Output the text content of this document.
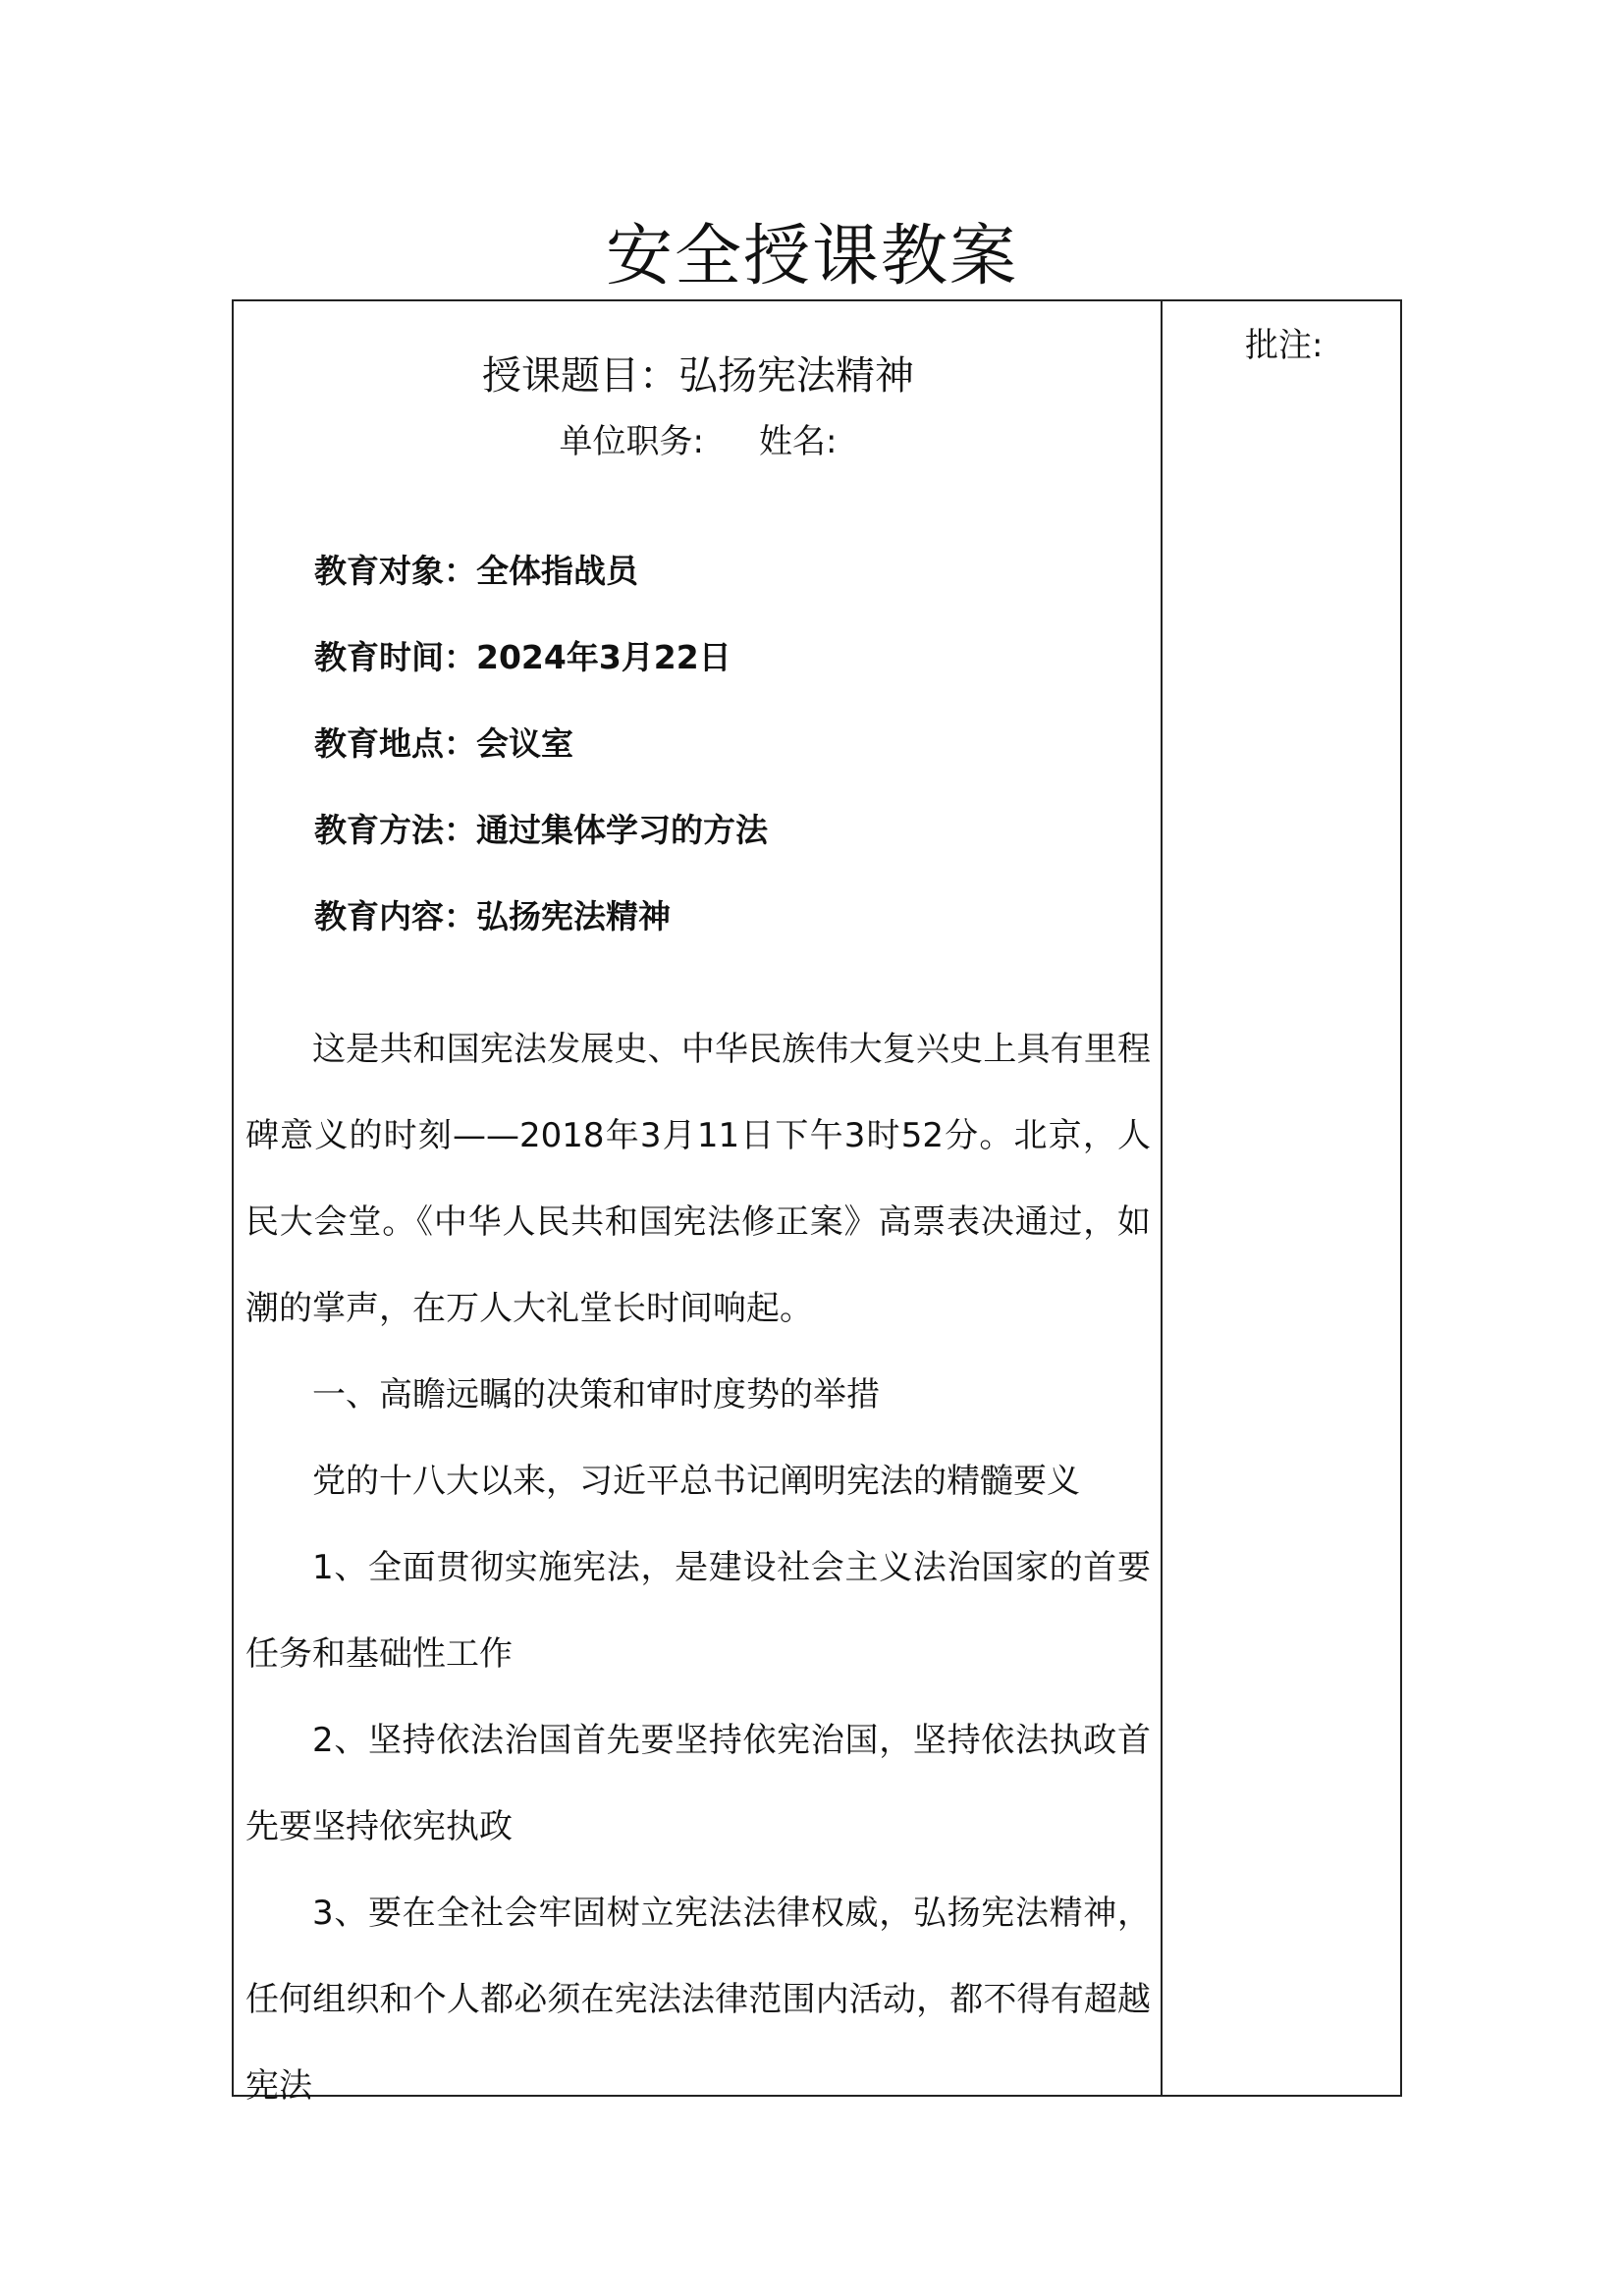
安全授课教案
批注:
授课题目：弘扬宪法精神
单位职务: 姓名:
教育对象：全体指战员
教育时间：2024年3月22日
教育地点：会议室
教育方法：通过集体学习的方法
教育内容：弘扬宪法精神
这是共和国宪法发展史、中华民族伟大复兴史上具有里程碑意义的时刻——2018年3月11日下午3时52分。北京，人民大会堂。《中华人民共和国宪法修正案》高票表决通过，如潮的掌声，在万人大礼堂长时间响起。
一、高瞻远瞩的决策和审时度势的举措
党的十八大以来，习近平总书记阐明宪法的精髓要义
1、全面贯彻实施宪法，是建设社会主义法治国家的首要任务和基础性工作
2、坚持依法治国首先要坚持依宪治国，坚持依法执政首先要坚持依宪执政
3、要在全社会牢固树立宪法法律权威，弘扬宪法精神，任何组织和个人都必须在宪法法律范围内活动，都不得有超越宪法
